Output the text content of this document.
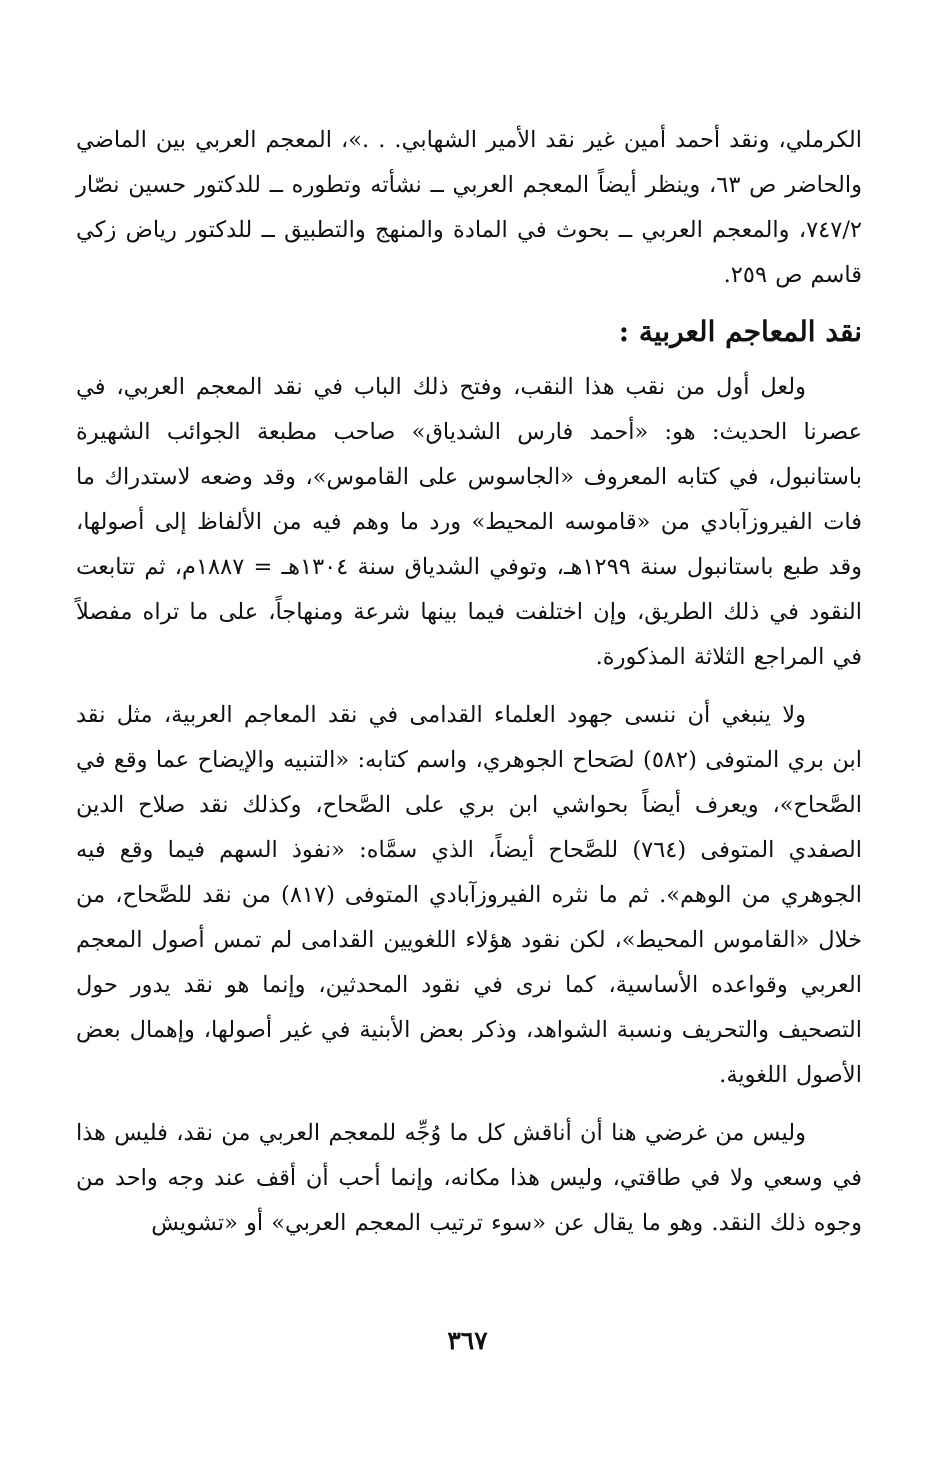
الكرملي، ونقد أحمد أمين غير نقد الأمير الشهابي. . .»، المعجم العربي بين الماضي والحاضر ص ٦٣، وينظر أيضاً المعجم العربي ــ نشأته وتطوره ــ للدكتور حسين نصّار ٧٤٧/٢، والمعجم العربي ــ بحوث في المادة والمنهج والتطبيق ــ للدكتور رياض زكي قاسم ص ٢٥٩.

نقد المعاجم العربية :

ولعل أول من نقب هذا النقب، وفتح ذلك الباب في نقد المعجم العربي، في عصرنا الحديث: هو: «أحمد فارس الشدياق» صاحب مطبعة الجوائب الشهيرة باستانبول، في كتابه المعروف «الجاسوس على القاموس»، وقد وضعه لاستدراك ما فات الفيروزآبادي من «قاموسه المحيط» ورد ما وهم فيه من الألفاظ إلى أصولها، وقد طبع باستانبول سنة ١٢٩٩هـ، وتوفي الشدياق سنة ١٣٠٤هـ = ١٨٨٧م، ثم تتابعت النقود في ذلك الطريق، وإن اختلفت فيما بينها شرعة ومنهاجاً، على ما تراه مفصلاً في المراجع الثلاثة المذكورة.

ولا ينبغي أن ننسى جهود العلماء القدامى في نقد المعاجم العربية، مثل نقد ابن بري المتوفى (٥٨٢) لصَحاح الجوهري، واسم كتابه: «التنبيه والإيضاح عما وقع في الصَّحاح»، ويعرف أيضاً بحواشي ابن بري على الصَّحاح، وكذلك نقد صلاح الدين الصفدي المتوفى (٧٦٤) للصَّحاح أيضاً، الذي سمَّاه: «نفوذ السهم فيما وقع فيه الجوهري من الوهم». ثم ما نثره الفيروزآبادي المتوفى (٨١٧) من نقد للصَّحاح، من خلال «القاموس المحيط»، لكن نقود هؤلاء اللغويين القدامى لم تمس أصول المعجم العربي وقواعده الأساسية، كما نرى في نقود المحدثين، وإنما هو نقد يدور حول التصحيف والتحريف ونسبة الشواهد، وذكر بعض الأبنية في غير أصولها، وإهمال بعض الأصول اللغوية.

وليس من غرضي هنا أن أناقش كل ما وُجِّه للمعجم العربي من نقد، فليس هذا في وسعي ولا في طاقتي، وليس هذا مكانه، وإنما أحب أن أقف عند وجه واحد من وجوه ذلك النقد. وهو ما يقال عن «سوء ترتيب المعجم العربي» أو «تشويش

٣٦٧
